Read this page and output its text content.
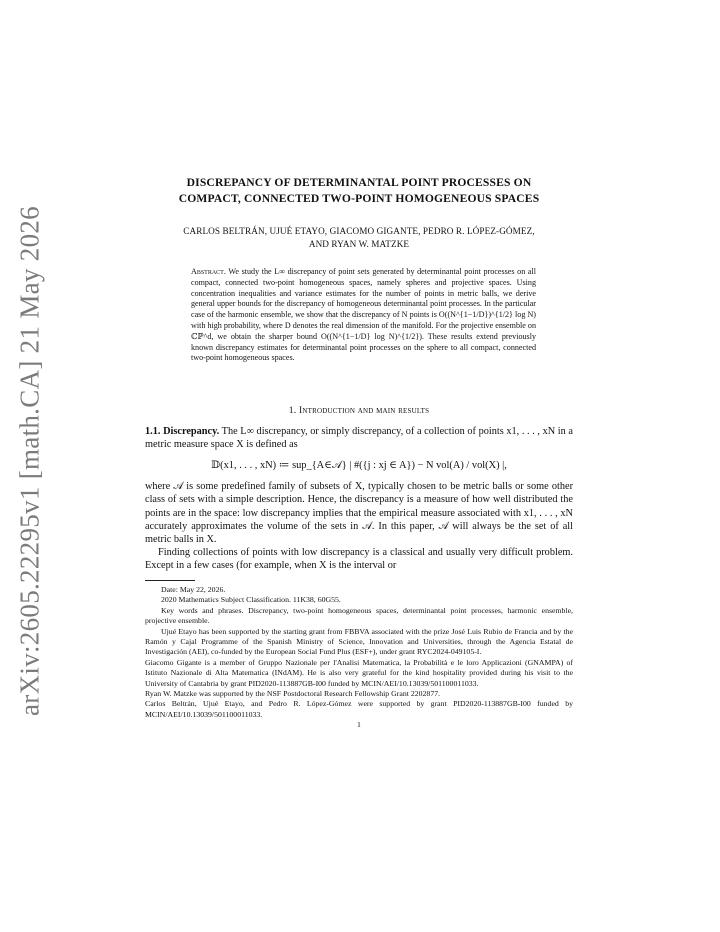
arXiv:2605.22295v1 [math.CA] 21 May 2026
DISCREPANCY OF DETERMINANTAL POINT PROCESSES ON
COMPACT, CONNECTED TWO-POINT HOMOGENEOUS SPACES
CARLOS BELTRÁN, UJUÉ ETAYO, GIACOMO GIGANTE, PEDRO R. LÓPEZ-GÓMEZ,
AND RYAN W. MATZKE
Abstract. We study the L∞ discrepancy of point sets generated by determinantal point processes on all compact, connected two-point homogeneous spaces, namely spheres and projective spaces. Using concentration inequalities and variance estimates for the number of points in metric balls, we derive general upper bounds for the discrepancy of homogeneous determinantal point processes. In the particular case of the harmonic ensemble, we show that the discrepancy of N points is O((N^{1−1/D})^{1/2} log N) with high probability, where D denotes the real dimension of the manifold. For the projective ensemble on ℂℙ^d, we obtain the sharper bound O((N^{1−1/D} log N)^{1/2}). These results extend previously known discrepancy estimates for determinantal point processes on the sphere to all compact, connected two-point homogeneous spaces.
1. Introduction and main results
1.1. Discrepancy. The L∞ discrepancy, or simply discrepancy, of a collection of points x1, . . . , xN in a metric measure space X is defined as
𝔻(x1, . . . , xN) ≔ sup_{A∈𝒜} | #({j : xj ∈ A}) − N vol(A) / vol(X) |,
where 𝒜 is some predefined family of subsets of X, typically chosen to be metric balls or some other class of sets with a simple description. Hence, the discrepancy is a measure of how well distributed the points are in the space: low discrepancy implies that the empirical measure associated with x1, . . . , xN accurately approximates the volume of the sets in 𝒜. In this paper, 𝒜 will always be the set of all metric balls in X.
Finding collections of points with low discrepancy is a classical and usually very difficult problem. Except in a few cases (for example, when X is the interval or
Date: May 22, 2026.
2020 Mathematics Subject Classification. 11K38, 60G55.
Key words and phrases. Discrepancy, two-point homogeneous spaces, determinantal point processes, harmonic ensemble, projective ensemble.
Ujué Etayo has been supported by the starting grant from FBBVA associated with the prize José Luis Rubio de Francia and by the Ramón y Cajal Programme of the Spanish Ministry of Science, Innovation and Universities, through the Agencia Estatal de Investigación (AEI), co-funded by the European Social Fund Plus (ESF+), under grant RYC2024-049105-I.
Giacomo Gigante is a member of Gruppo Nazionale per l'Analisi Matematica, la Probabilità e le loro Applicazioni (GNAMPA) of Istituto Nazionale di Alta Matematica (INdAM). He is also very grateful for the kind hospitality provided during his visit to the University of Cantabria by grant PID2020-113887GB-I00 funded by MCIN/AEI/10.13039/501100011033.
Ryan W. Matzke was supported by the NSF Postdoctoral Research Fellowship Grant 2202877.
Carlos Beltrán, Ujué Etayo, and Pedro R. López-Gómez were supported by grant PID2020-113887GB-I00 funded by MCIN/AEI/10.13039/501100011033.
1
